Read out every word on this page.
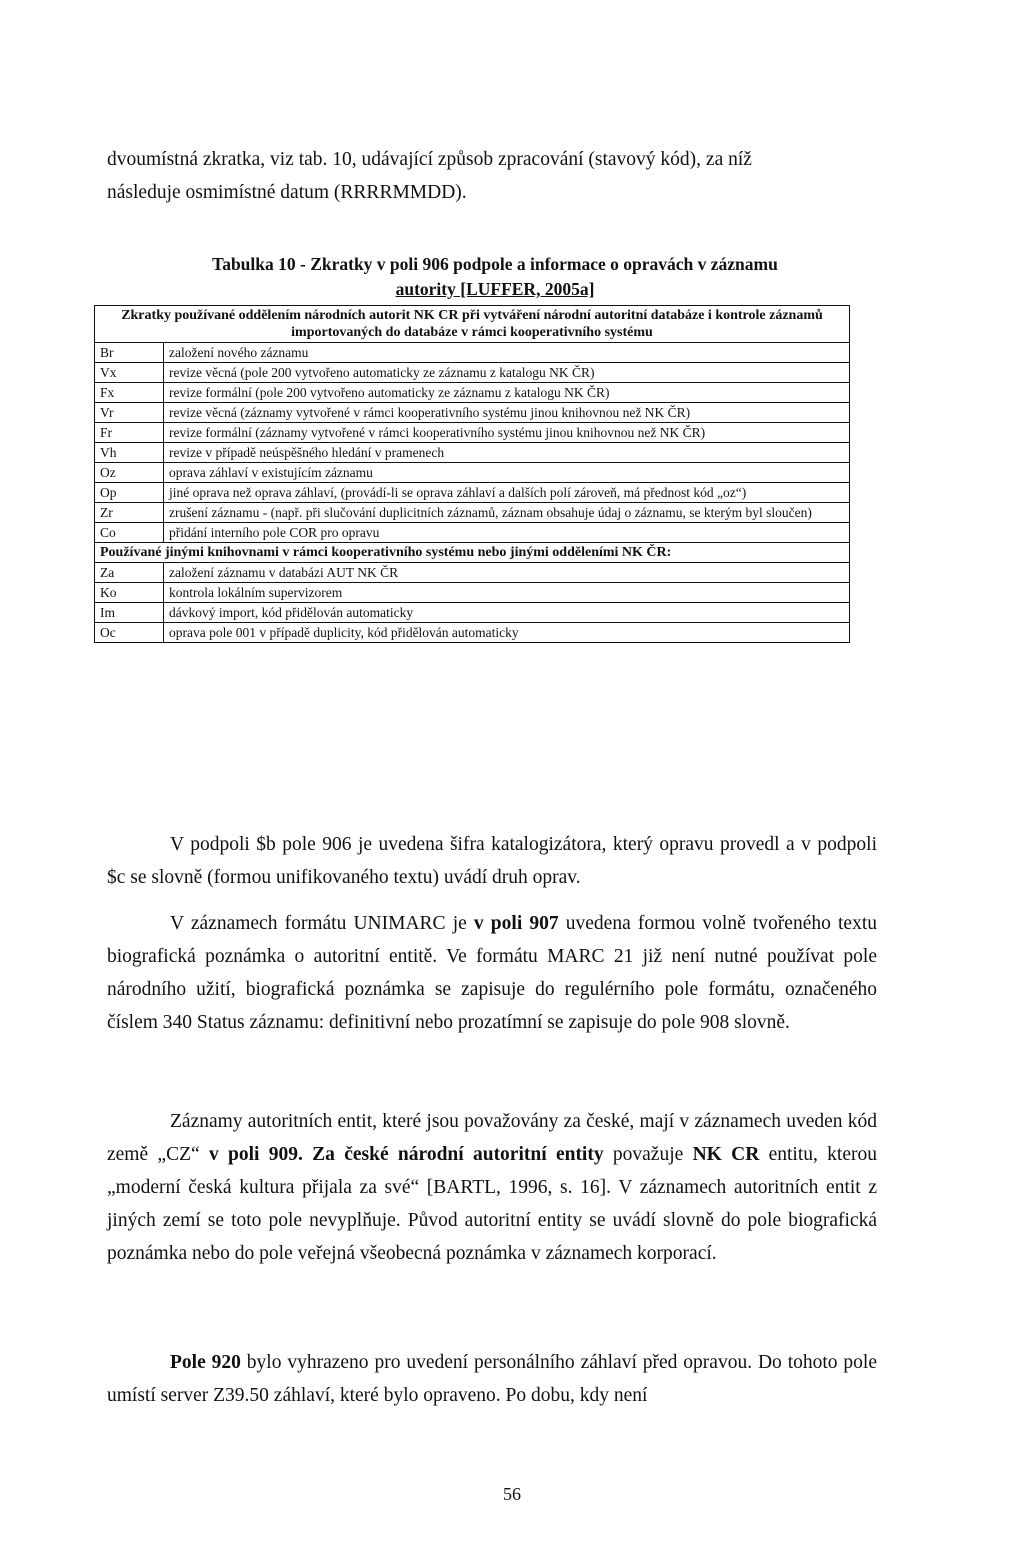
dvoumístná zkratka, viz tab. 10, udávající způsob zpracování (stavový kód), za níž
následuje osmimístné datum (RRRRMMDD).

Tabulka 10 - Zkratky v poli 906 podpole a informace o opravách v záznamu
autority [LUFFER, 2005a]

Zkratky používané oddělením národních autorit NK CR při vytváření národní autoritní databáze i kontrole záznamů importovaných do databáze v rámci kooperativního systému	
Br	založení nového záznamu
Vx	revize věcná (pole 200 vytvořeno automaticky ze záznamu z katalogu NK ČR)
Fx	revize formální (pole 200 vytvořeno automaticky ze záznamu z katalogu NK ČR)
Vr	revize věcná (záznamy vytvořené v rámci kooperativního systému jinou knihovnou než NK ČR)
Fr	revize formální (záznamy vytvořené v rámci kooperativního systému jinou knihovnou než NK ČR)
Vh	revize v případě neúspěšného hledání v pramenech
Oz	oprava záhlaví v existujícím záznamu
Op	jiné oprava než oprava záhlaví, (provádí-li se oprava záhlaví a dalších polí zároveň, má přednost kód „oz“)
Zr	zrušení záznamu - (např. při slučování duplicitních záznamů, záznam obsahuje údaj o záznamu, se kterým byl sloučen)
Co	přidání interního pole COR pro opravu
Používané jinými knihovnami v rámci kooperativního systému nebo jinými odděleními NK ČR:	
Za	založení záznamu v databázi AUT NK ČR
Ko	kontrola lokálním supervizorem
Im	dávkový import, kód přidělován automaticky
Oc	oprava pole 001 v případě duplicity, kód přidělován automaticky

V podpoli $b pole 906 je uvedena šifra katalogizátora, který opravu provedl a v podpoli $c se slovně (formou unifikovaného textu) uvádí druh oprav.

V záznamech formátu UNIMARC je v poli 907 uvedena formou volně tvořeného textu biografická poznámka o autoritní entitě. Ve formátu MARC 21 již není nutné používat pole národního užití, biografická poznámka se zapisuje do regulérního pole formátu, označeného číslem 340 Status záznamu: definitivní nebo prozatímní se zapisuje do pole 908 slovně.

Záznamy autoritních entit, které jsou považovány za české, mají v záznamech uveden kód země „CZ“ v poli 909. Za české národní autoritní entity považuje NK CR entitu, kterou „moderní česká kultura přijala za své“ [BARTL, 1996, s. 16]. V záznamech autoritních entit z jiných zemí se toto pole nevyplňuje. Původ autoritní entity se uvádí slovně do pole biografická poznámka nebo do pole veřejná všeobecná poznámka v záznamech korporací.

Pole 920 bylo vyhrazeno pro uvedení personálního záhlaví před opravou. Do tohoto pole umístí server Z39.50 záhlaví, které bylo opraveno. Po dobu, kdy není

56
